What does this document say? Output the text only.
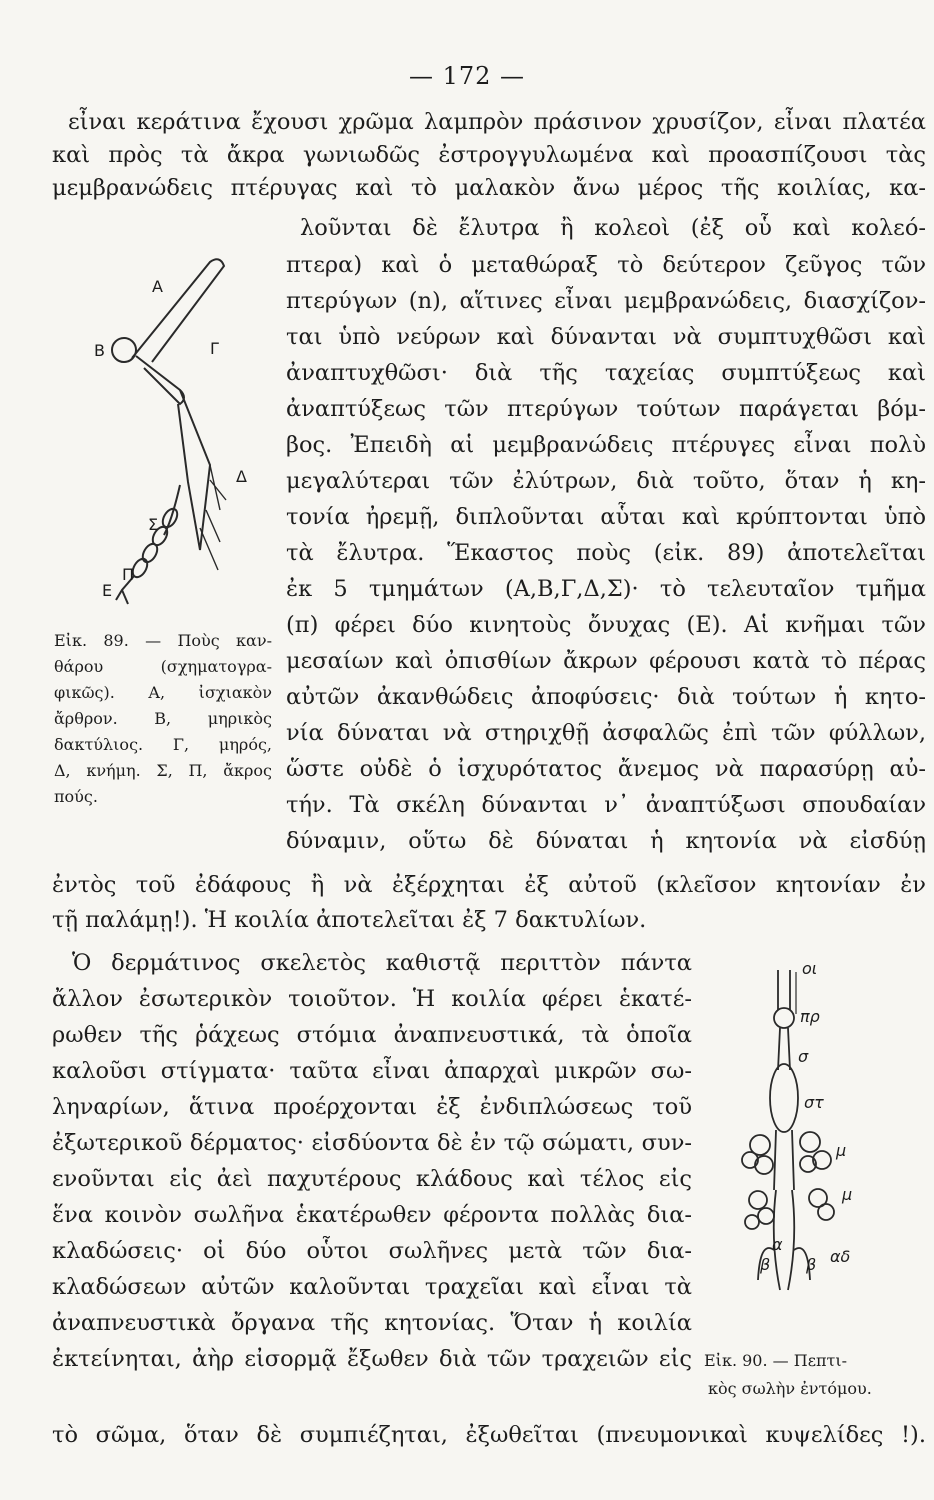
— 172 —
εἶναι κεράτινα ἔχουσι χρῶμα λαμπρὸν πράσινον χρυσίζον, εἶναι πλατέα
καὶ πρὸς τὰ ἄκρα γωνιωδῶς ἐστρογγυλωμένα καὶ προασπίζουσι τὰς
μεμβρανώδεις πτέρυγας καὶ τὸ μαλακὸν ἄνω μέρος τῆς κοιλίας, κα-
λοῦνται δὲ ἔλυτρα ἢ κολεοὶ (ἐξ οὗ καὶ κολεό-
πτερα) καὶ ὁ μεταθώραξ τὸ δεύτερον ζεῦγος τῶν
πτερύγων (n), αἵτινες εἶναι μεμβρανώδεις, διασχίζον-
ται ὑπὸ νεύρων καὶ δύνανται νὰ συμπτυχθῶσι καὶ
ἀναπτυχθῶσι· διὰ τῆς ταχείας συμπτύξεως καὶ
ἀναπτύξεως τῶν πτερύγων τούτων παράγεται βόμ-
βος. Ἐπειδὴ αἱ μεμβρανώδεις πτέρυγες εἶναι πολὺ
μεγαλύτεραι τῶν ἐλύτρων, διὰ τοῦτο, ὅταν ἡ κη-
τονία ἠρεμῇ, διπλοῦνται αὗται καὶ κρύπτονται ὑπὸ
τὰ ἔλυτρα. Ἕκαστος ποὺς (εἰκ. 89) ἀποτελεῖται
ἐκ 5 τμημάτων (Α,Β,Γ,Δ,Σ)· τὸ τελευταῖον τμῆμα
(π) φέρει δύο κινητοὺς ὄνυχας (Ε). Αἱ κνῆμαι τῶν
μεσαίων καὶ ὀπισθίων ἄκρων φέρουσι κατὰ τὸ πέρας
αὐτῶν ἀκανθώδεις ἀποφύσεις· διὰ τούτων ἡ κητο-
νία δύναται νὰ στηριχθῇ ἀσφαλῶς ἐπὶ τῶν φύλλων,
ὥστε οὐδὲ ὁ ἰσχυρότατος ἄνεμος νὰ παρασύρῃ αὐ-
τήν. Τὰ σκέλη δύνανται ν᾽ ἀναπτύξωσι σπουδαίαν
δύναμιν, οὕτω δὲ δύναται ἡ κητονία νὰ εἰσδύῃ
ἐντὸς τοῦ ἐδάφους ἢ νὰ ἐξέρχηται ἐξ αὐτοῦ (κλεῖσον κητονίαν ἐν
τῇ παλάμῃ!). Ἡ κοιλία ἀποτελεῖται ἐξ 7 δακτυλίων.
Ὁ δερμάτινος σκελετὸς καθιστᾷ περιττὸν πάντα
ἄλλον ἐσωτερικὸν τοιοῦτον. Ἡ κοιλία φέρει ἑκατέ-
ρωθεν τῆς ῥάχεως στόμια ἀναπνευστικά, τὰ ὁποῖα
καλοῦσι στίγματα· ταῦτα εἶναι ἀπαρχαὶ μικρῶν σω-
ληναρίων, ἅτινα προέρχονται ἐξ ἐνδιπλώσεως τοῦ
ἐξωτερικοῦ δέρματος· εἰσδύοντα δὲ ἐν τῷ σώματι, συν-
ενοῦνται εἰς ἀεὶ παχυτέρους κλάδους καὶ τέλος εἰς
ἕνα κοινὸν σωλῆνα ἑκατέρωθεν φέροντα πολλὰς δια-
κλαδώσεις· οἱ δύο οὗτοι σωλῆνες μετὰ τῶν δια-
κλαδώσεων αὐτῶν καλοῦνται τραχεῖαι καὶ εἶναι τὰ
ἀναπνευστικὰ ὄργανα τῆς κητονίας. Ὅταν ἡ κοιλία
ἐκτείνηται, ἀὴρ εἰσορμᾷ ἔξωθεν διὰ τῶν τραχειῶν εἰς
τὸ σῶμα, ὅταν δὲ συμπιέζηται, ἐξωθεῖται (πνευμονικαὶ κυψελίδες !).
Α
Β	Γ
Δ
Σ
Ε
Π
Εἰκ. 89. — Ποὺς καν-
θάρου (σχηματογρα-
φικῶς). Α, ἰσχιακὸν
ἄρθρον. Β, μηρικὸς
δακτύλιος. Γ, μηρός,
Δ, κνήμη. Σ, Π, ἄκρος
πούς.
οι
πρ
σ
στ
μ
μ
α
β β αδ
Εἰκ. 90. — Πεπτι-
κὸς σωλὴν ἐντόμου.
